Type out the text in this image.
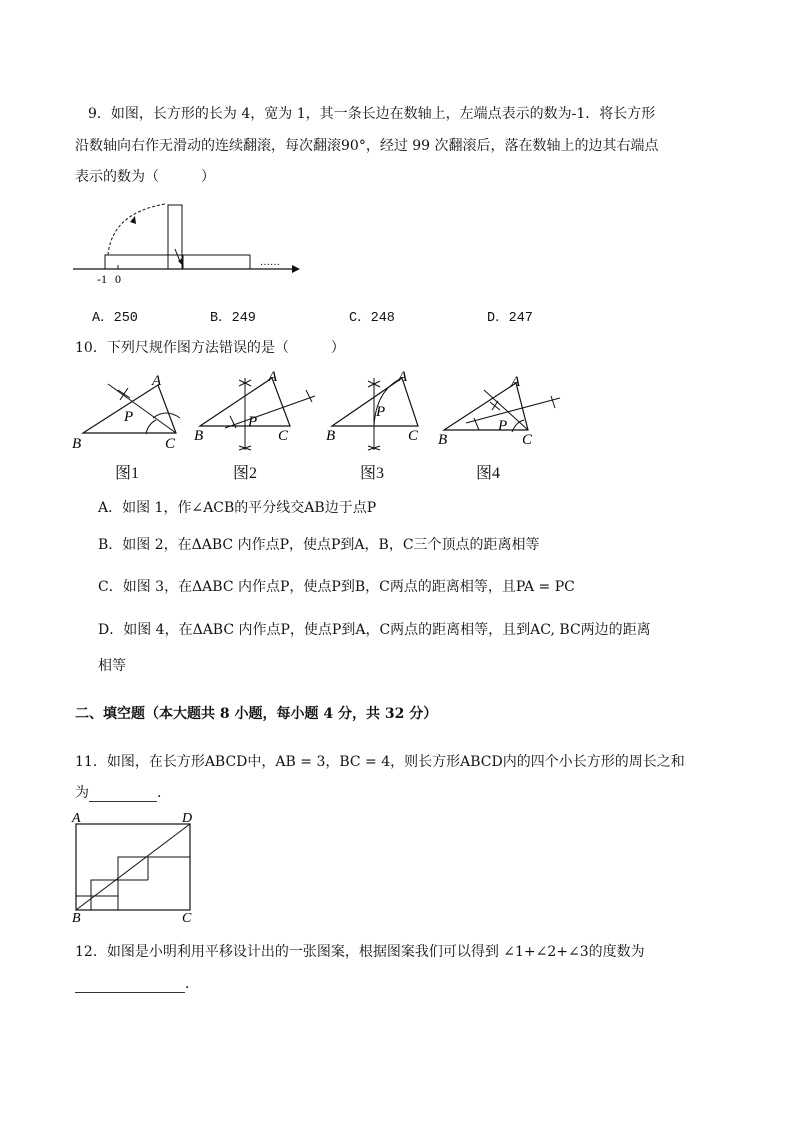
9．如图，长方形的长为 4，宽为 1，其一条长边在数轴上，左端点表示的数为-1．将长方形
沿数轴向右作无滑动的连续翻滚，每次翻滚90°，经过 99 次翻滚后，落在数轴上的边其右端点
表示的数为（　　　）
-1 0
……
A．250	B．249	C．248	D．247
10．下列尺规作图方法错误的是（　　　）
A
P
B	C
图1
A
P
B	C
图2
A
P
B	C
图3
A
P
B	C
图4
A．如图 1，作∠ACB的平分线交AB边于点P
B．如图 2，在ΔABC 内作点P，使点P到A，B，C三个顶点的距离相等
C．如图 3，在ΔABC 内作点P，使点P到B，C两点的距离相等，且PA = PC
D．如图 4，在ΔABC 内作点P，使点P到A，C两点的距离相等，且到AC, BC两边的距离
相等
二、填空题（本大题共 8 小题，每小题 4 分，共 32 分）
11．如图，在长方形ABCD中，AB = 3，BC = 4，则长方形ABCD内的四个小长方形的周长之和
为	．
A	D
B	C
12．如图是小明利用平移设计出的一张图案，根据图案我们可以得到 ∠1+∠2+∠3的度数为
．
